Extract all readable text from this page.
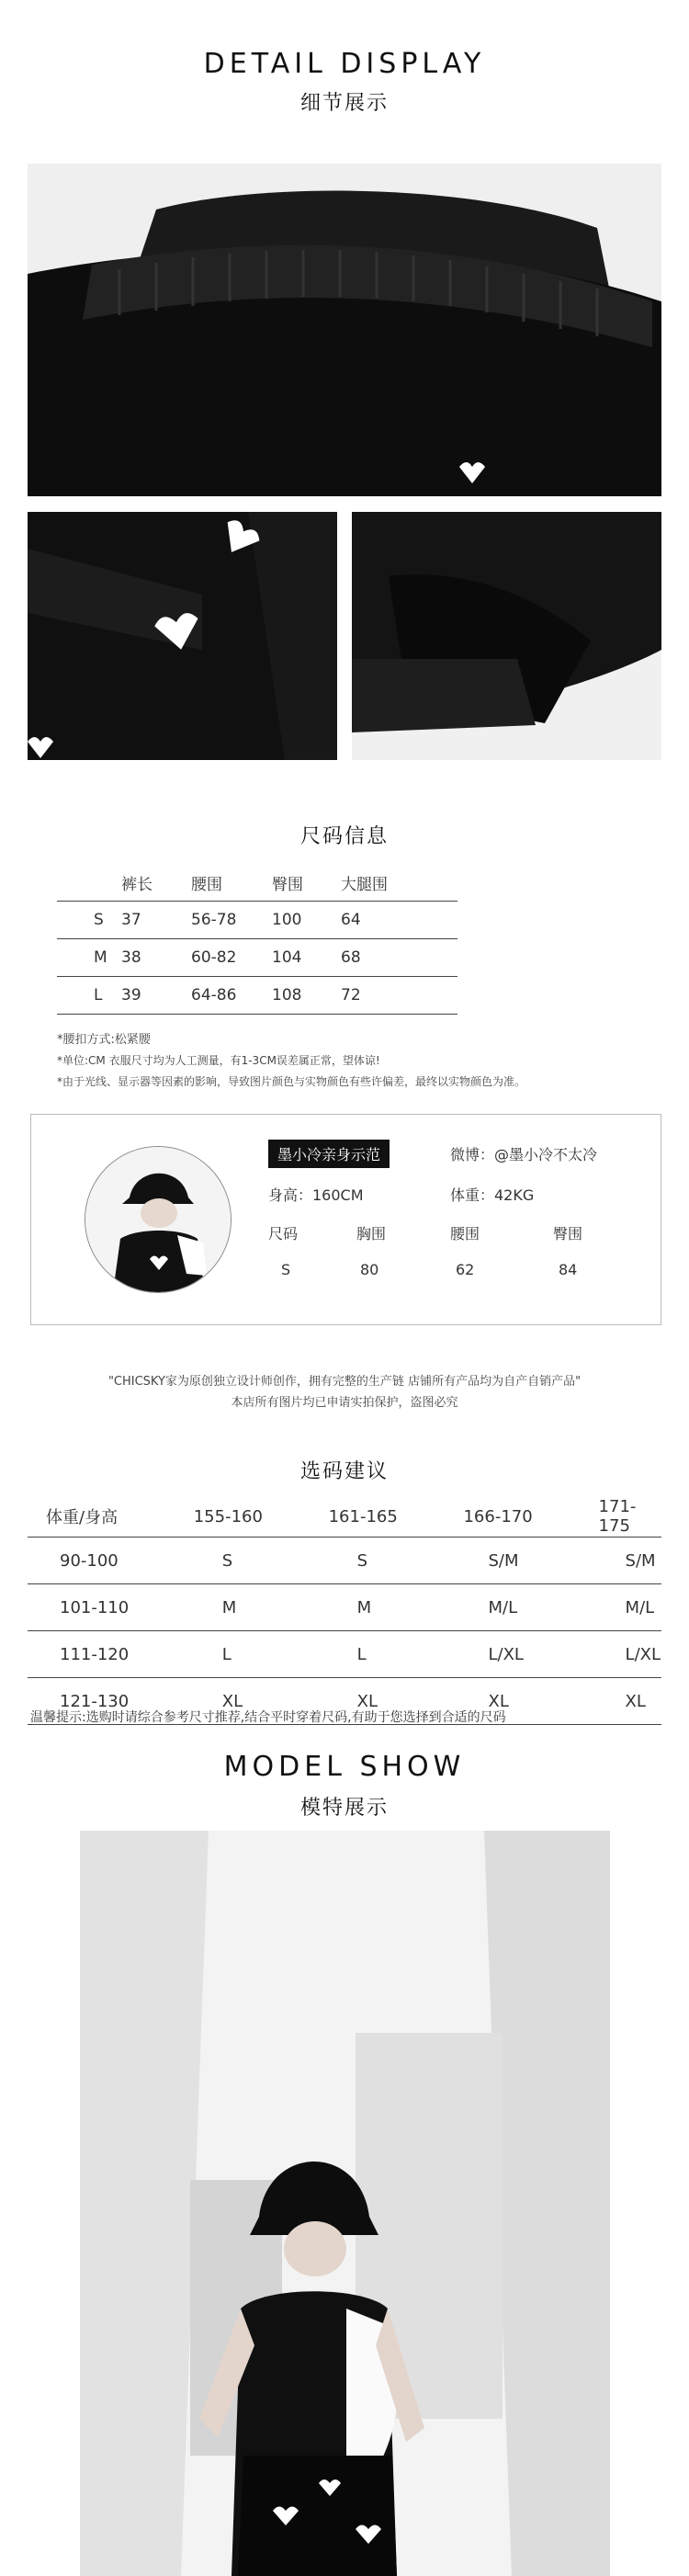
DETAIL DISPLAY
细节展示
尺码信息
	裤长	腰围	臀围	大腿围
S	37	56-78	100	64
M	38	60-82	104	68
L	39	64-86	108	72
*腰扣方式:松紧腰
*单位:CM 衣服尺寸均为人工测量，有1-3CM误差属正常，望体谅!
*由于光线、显示器等因素的影响，导致图片颜色与实物颜色有些许偏差，最终以实物颜色为准。
墨小冷亲身示范	微博：@墨小冷不太冷
身高：160CM	体重：42KG
尺码	胸围	腰围	臀围
S	80	62	84
"CHICSKY家为原创独立设计师创作，拥有完整的生产链 店铺所有产品均为自产自销产品"
本店所有图片均已申请实拍保护，盗图必究
选码建议
体重/身高	155-160	161-165	166-170	171-175
90-100	S	S	S/M	S/M
101-110	M	M	M/L	M/L
111-120	L	L	L/XL	L/XL
121-130	XL	XL	XL	XL
温馨提示:选购时请综合参考尺寸推荐,结合平时穿着尺码,有助于您选择到合适的尺码
MODEL SHOW
模特展示
